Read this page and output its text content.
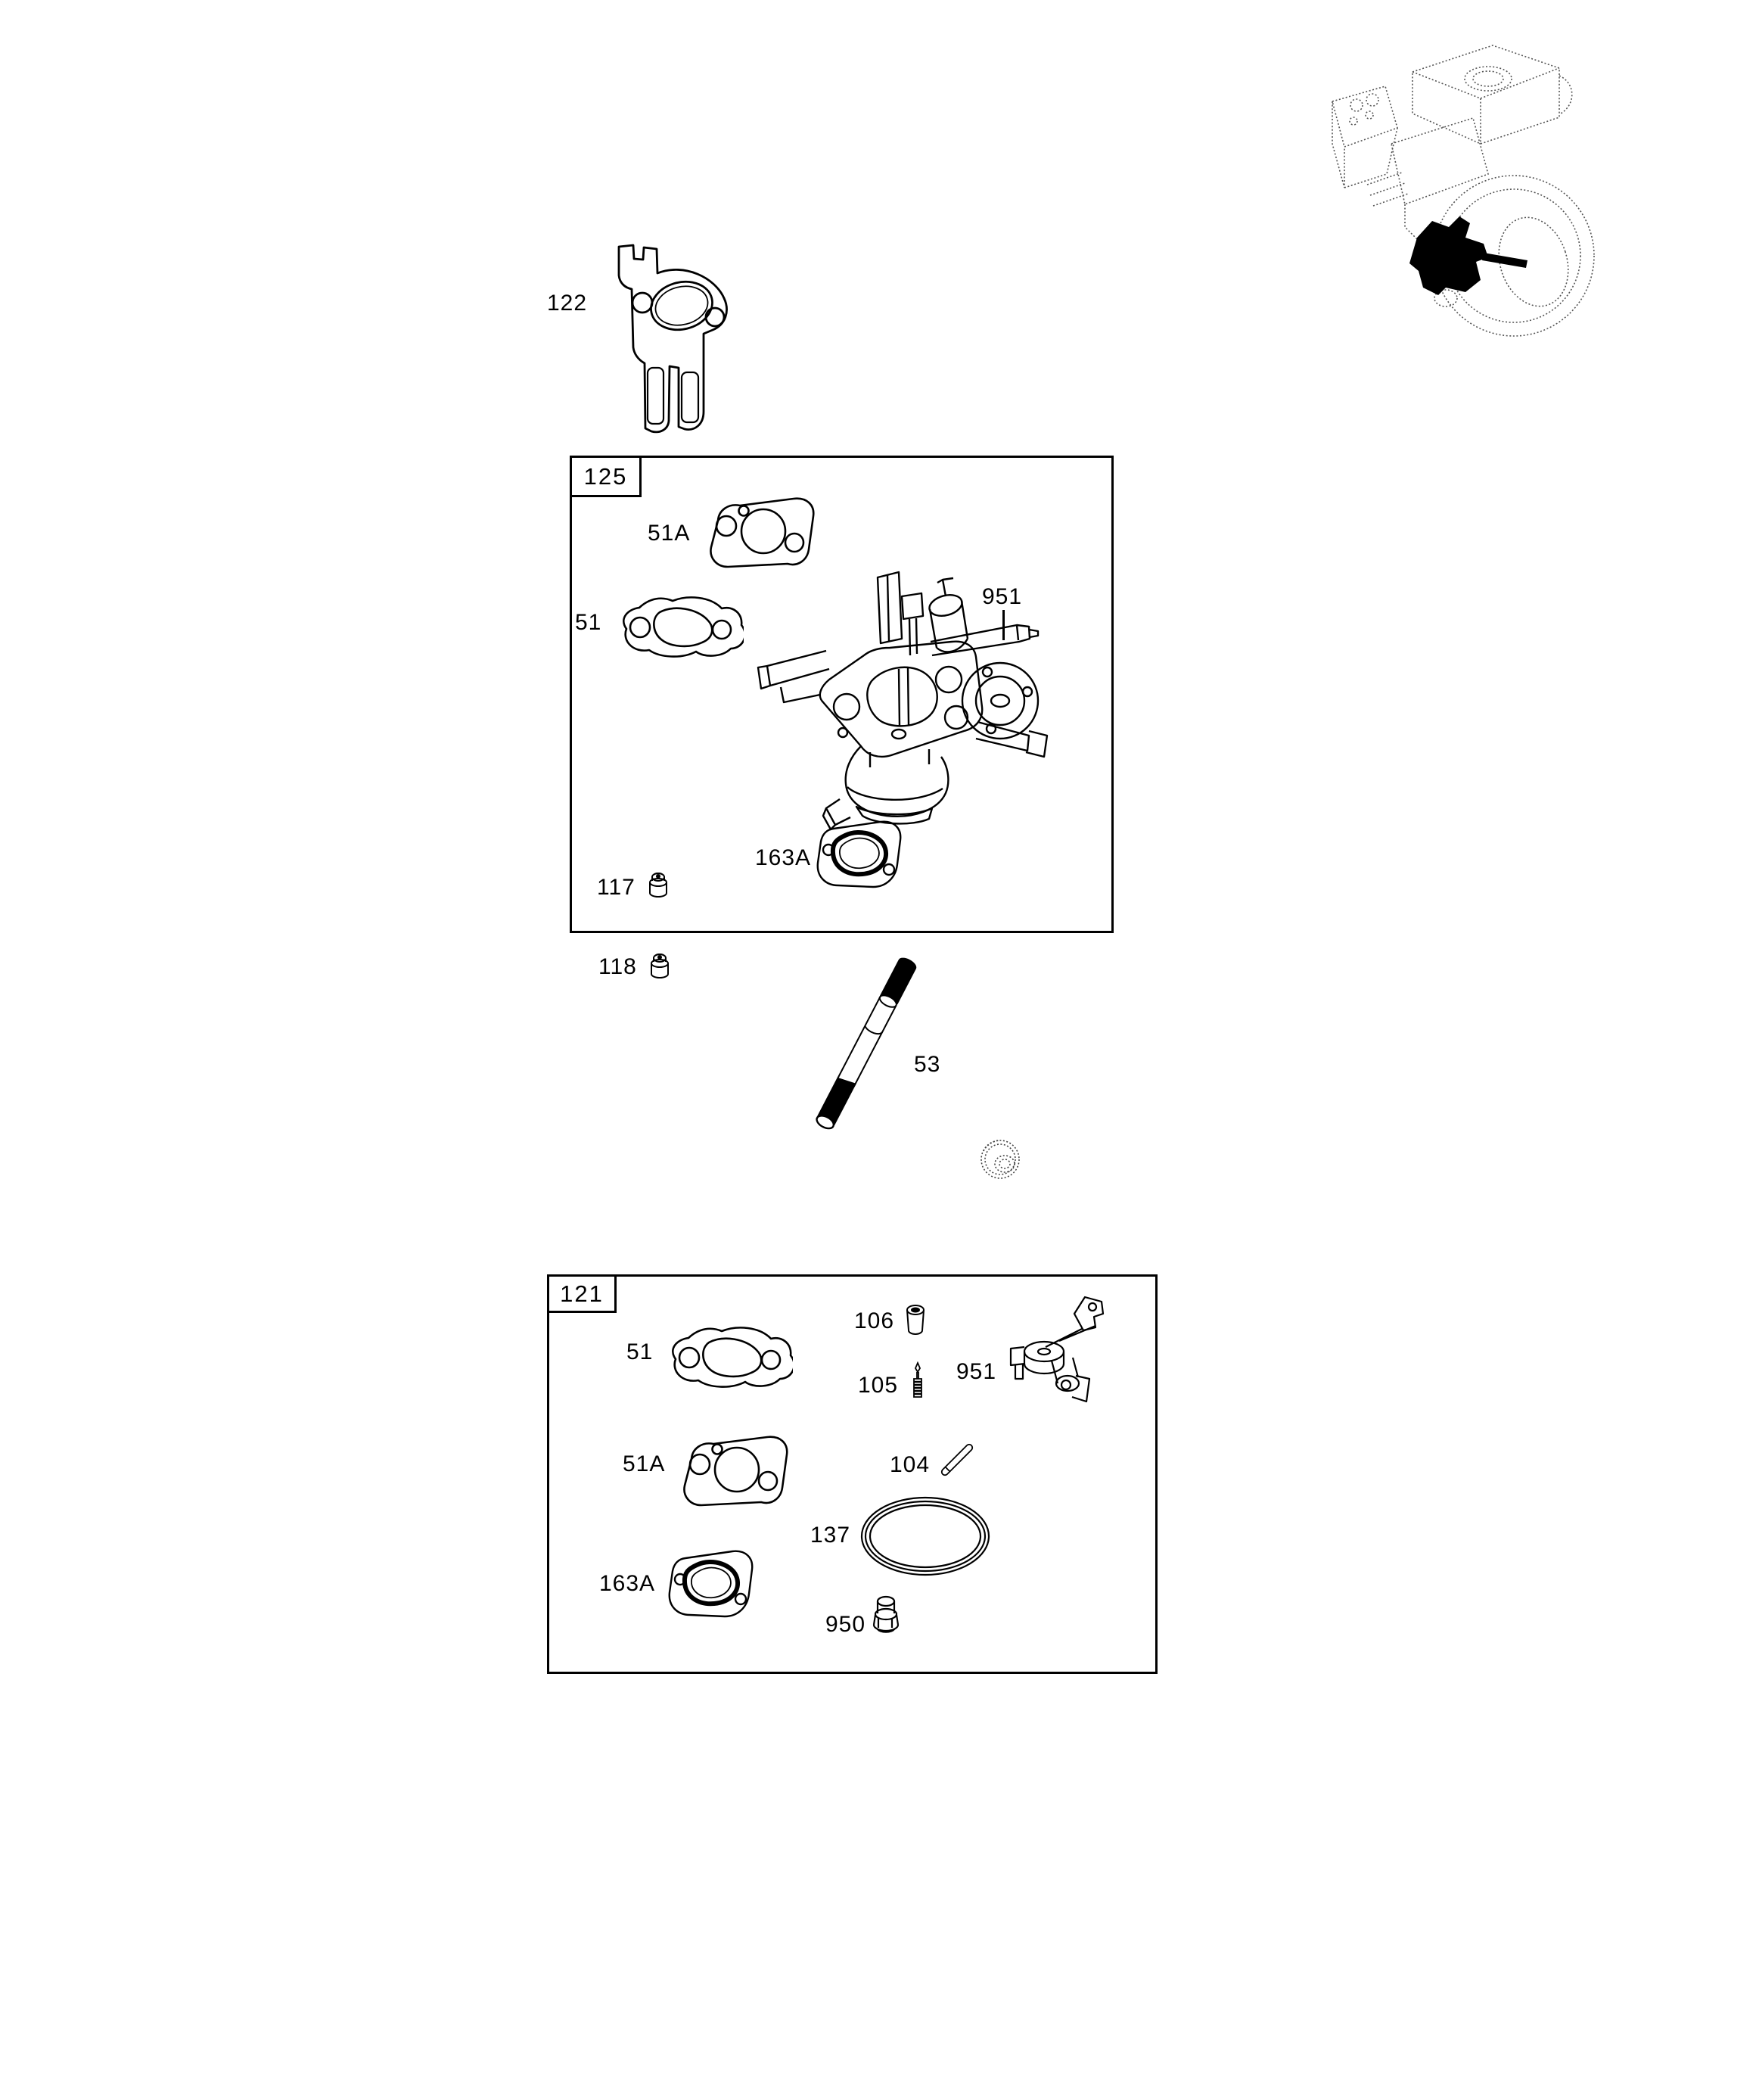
122
125
51A
51
951
163A
117
118
53
121
51
106
105
951
51A	104
137
163A
950
